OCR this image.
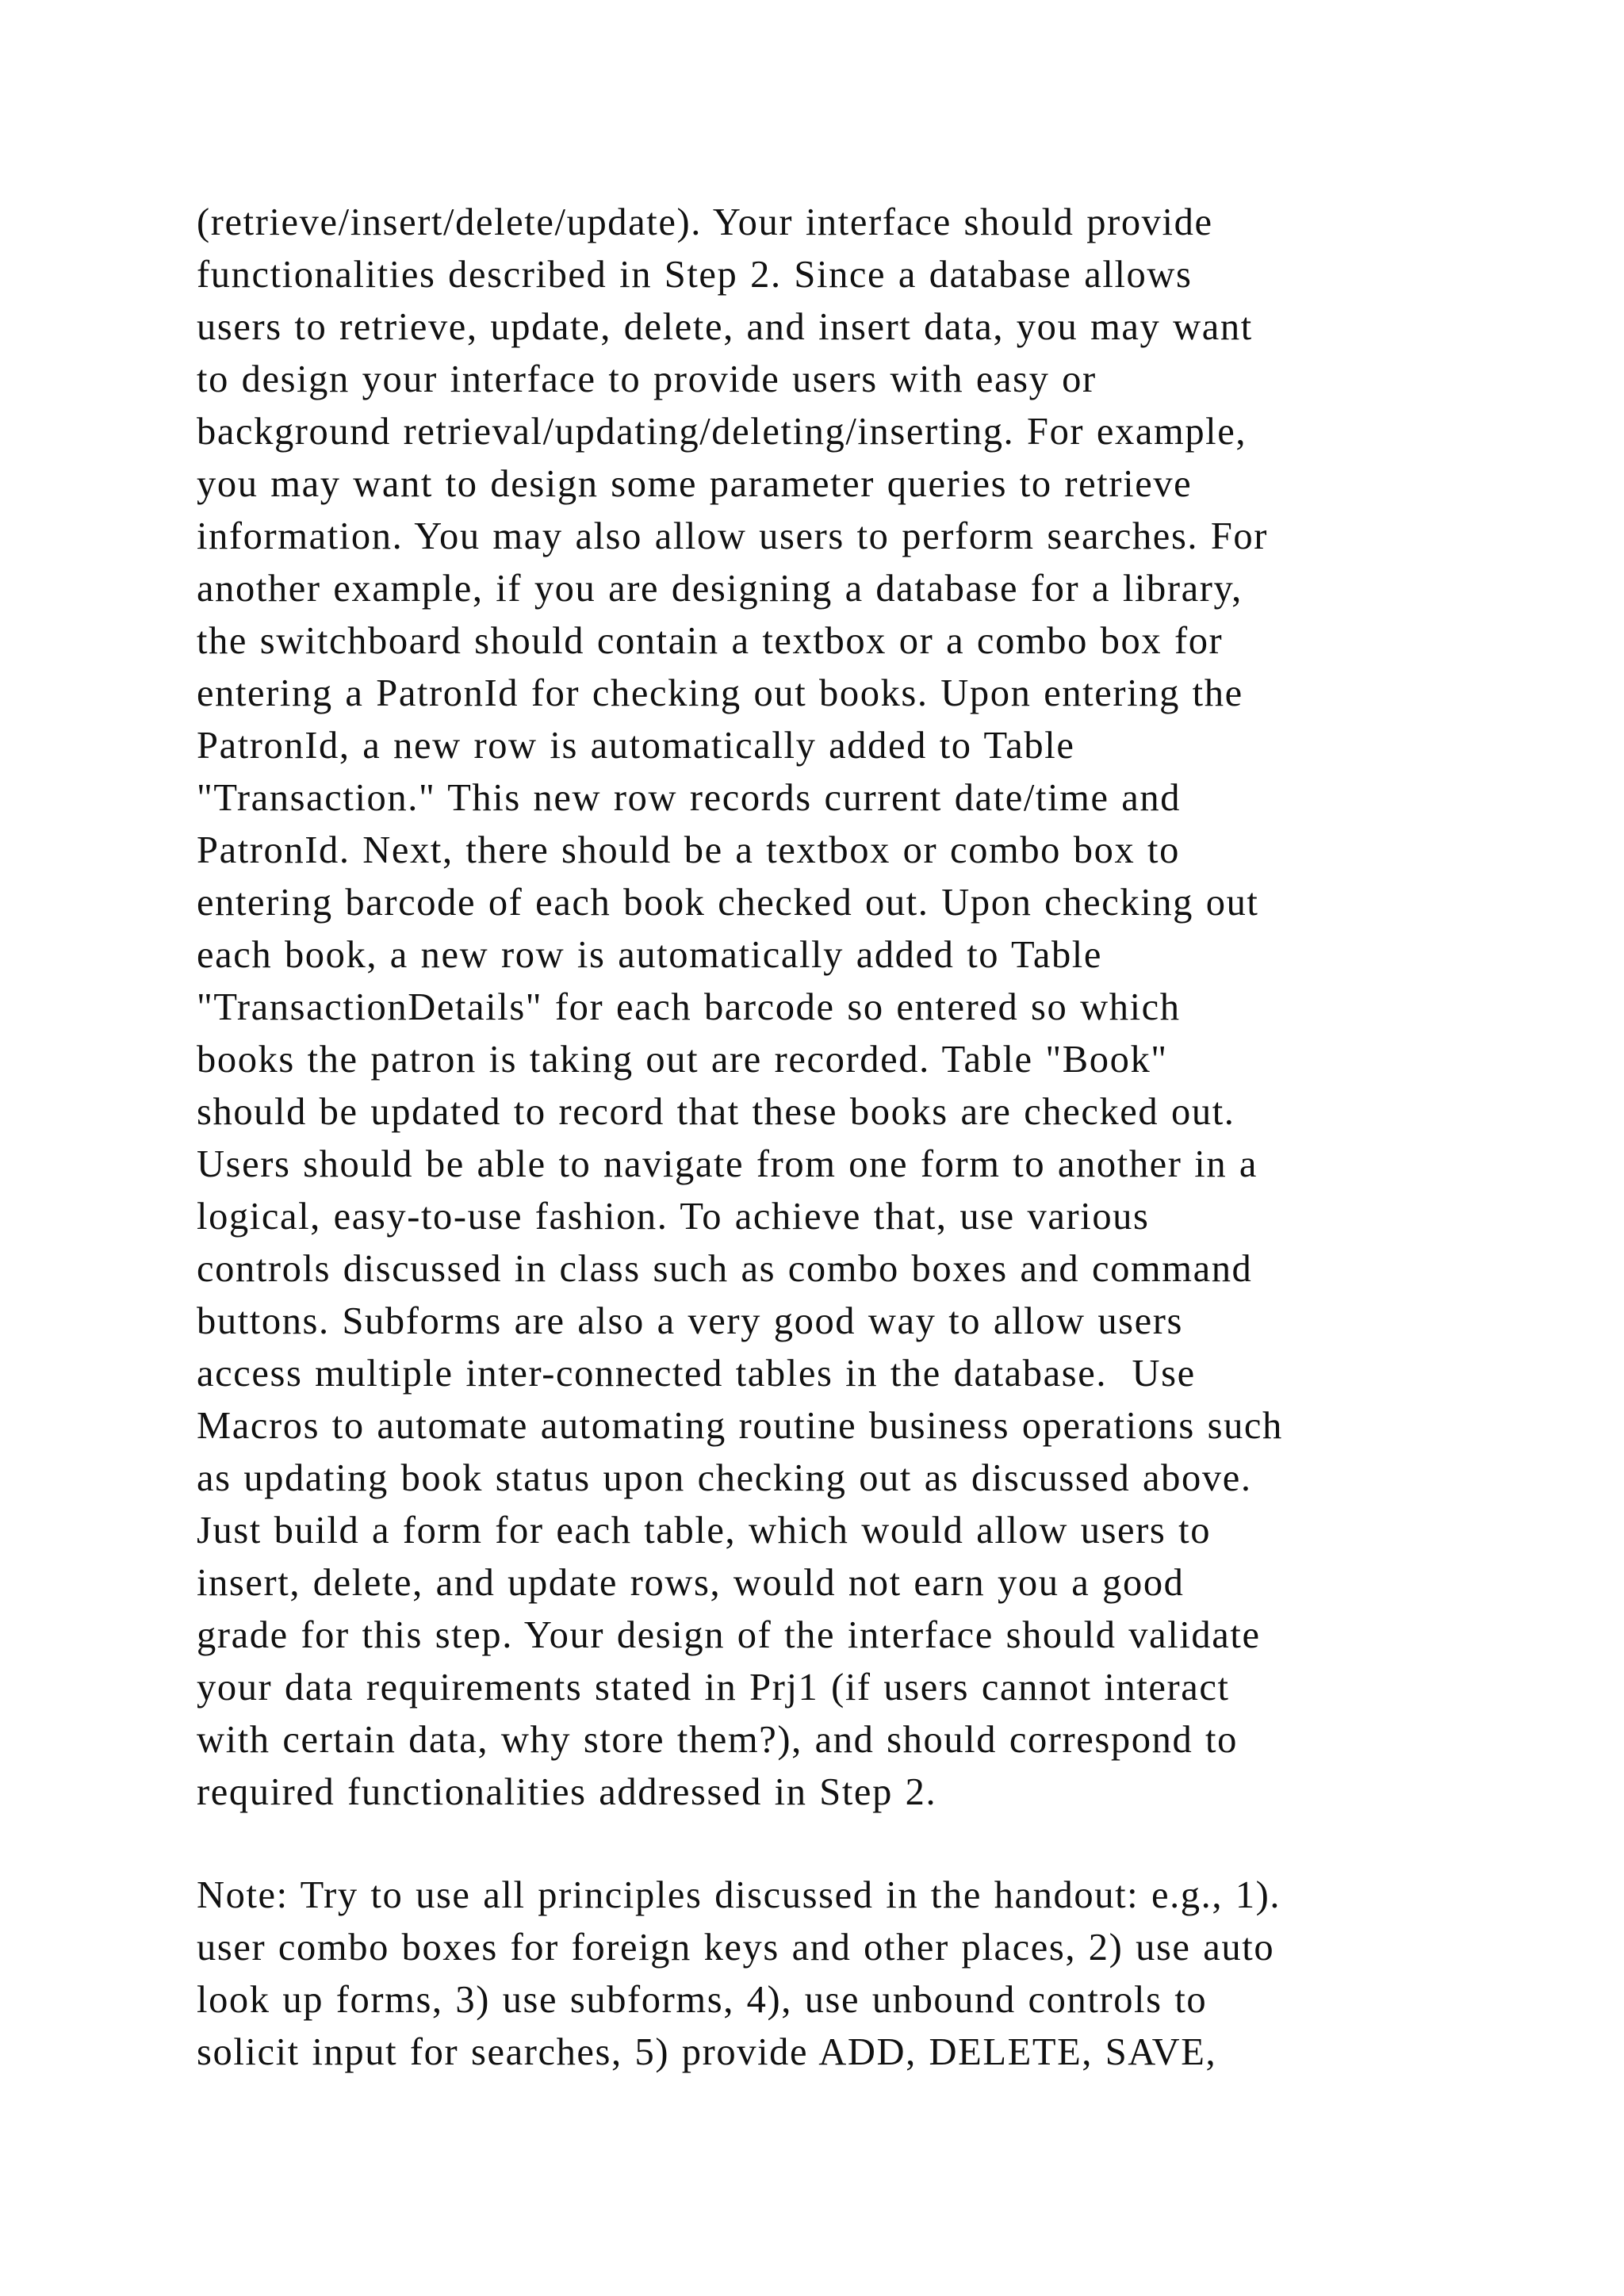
(retrieve/insert/delete/update). Your interface should provide
functionalities described in Step 2. Since a database allows
users to retrieve, update, delete, and insert data, you may want
to design your interface to provide users with easy or
background retrieval/updating/deleting/inserting. For example,
you may want to design some parameter queries to retrieve
information. You may also allow users to perform searches. For
another example, if you are designing a database for a library,
the switchboard should contain a textbox or a combo box for
entering a PatronId for checking out books. Upon entering the
PatronId, a new row is automatically added to Table
"Transaction." This new row records current date/time and
PatronId. Next, there should be a textbox or combo box to
entering barcode of each book checked out. Upon checking out
each book, a new row is automatically added to Table
"TransactionDetails" for each barcode so entered so which
books the patron is taking out are recorded. Table "Book"
should be updated to record that these books are checked out.
Users should be able to navigate from one form to another in a
logical, easy-to-use fashion. To achieve that, use various
controls discussed in class such as combo boxes and command
buttons. Subforms are also a very good way to allow users
access multiple inter-connected tables in the database.  Use
Macros to automate automating routine business operations such
as updating book status upon checking out as discussed above.
Just build a form for each table, which would allow users to
insert, delete, and update rows, would not earn you a good
grade for this step. Your design of the interface should validate
your data requirements stated in Prj1 (if users cannot interact
with certain data, why store them?), and should correspond to
required functionalities addressed in Step 2.
Note: Try to use all principles discussed in the handout: e.g., 1).
user combo boxes for foreign keys and other places, 2) use auto
look up forms, 3) use subforms, 4), use unbound controls to
solicit input for searches, 5) provide ADD, DELETE, SAVE,
